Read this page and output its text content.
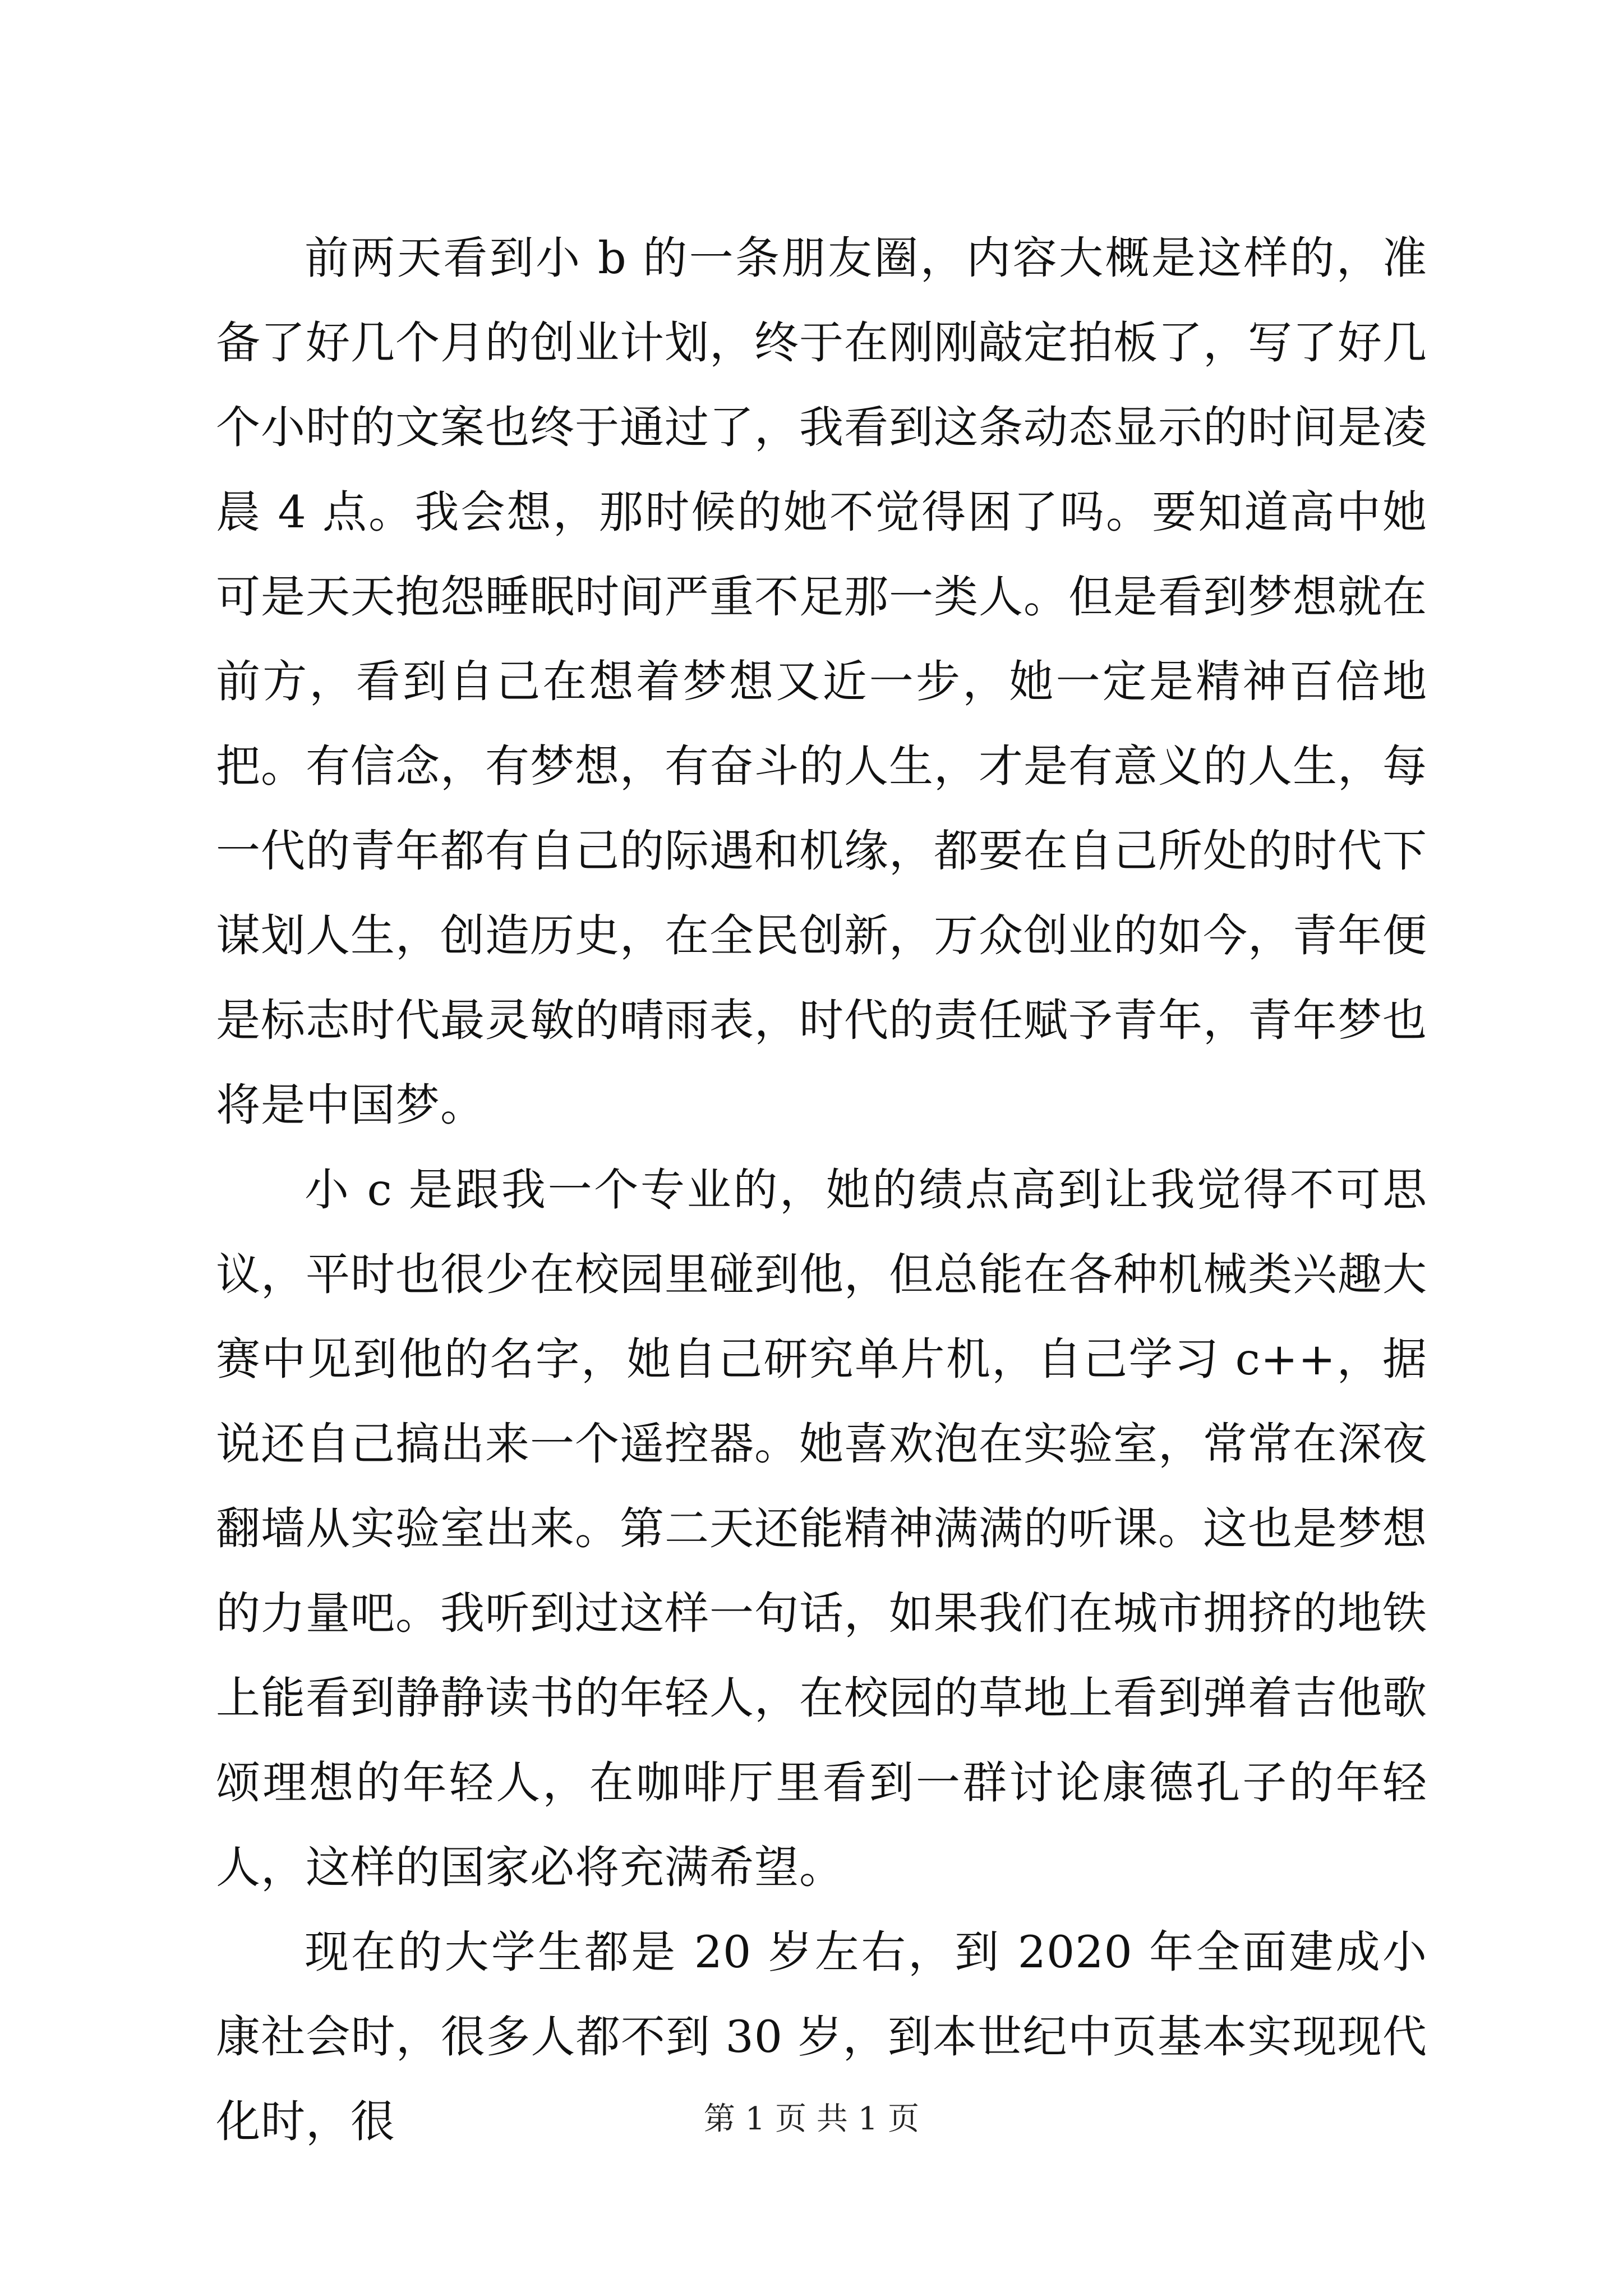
前两天看到小 b 的一条朋友圈，内容大概是这样的，准备了好几个月的创业计划，终于在刚刚敲定拍板了，写了好几个小时的文案也终于通过了，我看到这条动态显示的时间是凌晨 4 点。我会想，那时候的她不觉得困了吗。要知道高中她可是天天抱怨睡眠时间严重不足那一类人。但是看到梦想就在前方，看到自己在想着梦想又近一步，她一定是精神百倍地把。有信念，有梦想，有奋斗的人生，才是有意义的人生，每一代的青年都有自己的际遇和机缘，都要在自己所处的时代下谋划人生，创造历史，在全民创新，万众创业的如今，青年便是标志时代最灵敏的晴雨表，时代的责任赋予青年，青年梦也将是中国梦。

小 c 是跟我一个专业的，她的绩点高到让我觉得不可思议，平时也很少在校园里碰到他，但总能在各种机械类兴趣大赛中见到他的名字，她自己研究单片机，自己学习 c++，据说还自己搞出来一个遥控器。她喜欢泡在实验室，常常在深夜翻墙从实验室出来。第二天还能精神满满的听课。这也是梦想的力量吧。我听到过这样一句话，如果我们在城市拥挤的地铁上能看到静静读书的年轻人，在校园的草地上看到弹着吉他歌颂理想的年轻人，在咖啡厅里看到一群讨论康德孔子的年轻人，这样的国家必将充满希望。

现在的大学生都是 20 岁左右，到 2020 年全面建成小康社会时，很多人都不到 30 岁，到本世纪中页基本实现现代化时，很	第 1 页 共 1 页
